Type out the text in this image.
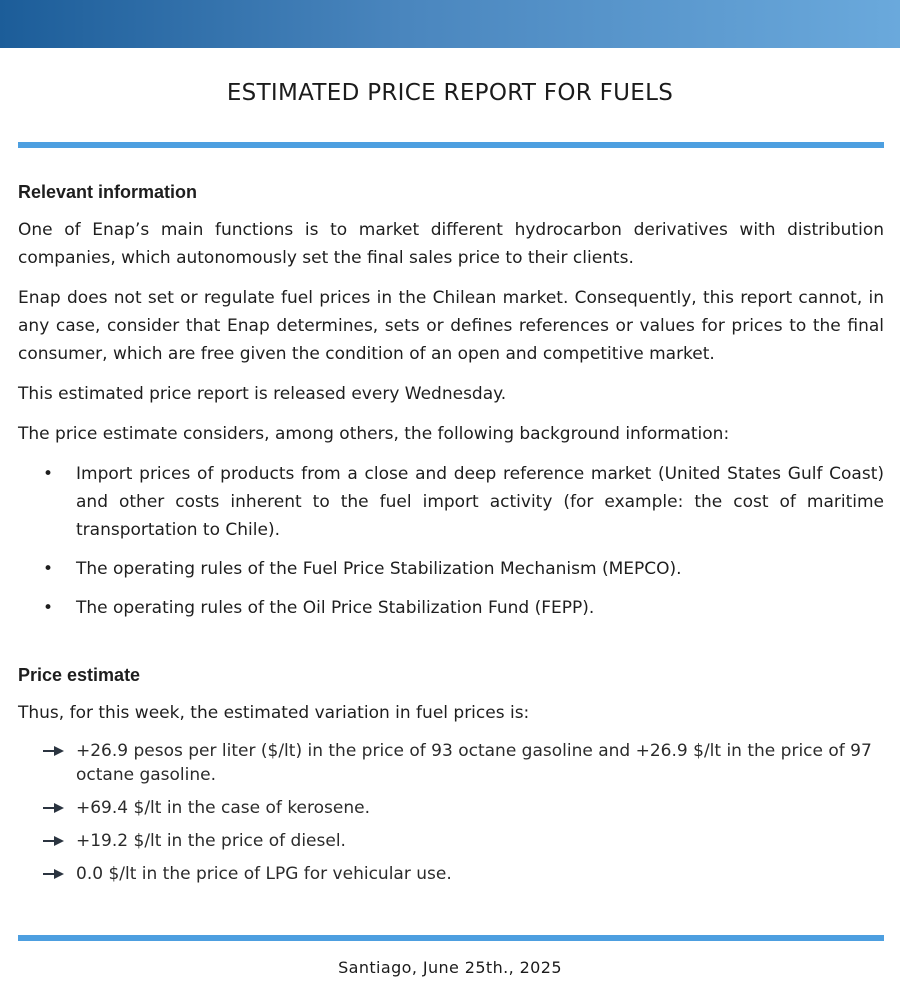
ESTIMATED PRICE REPORT FOR FUELS
Relevant information

One of Enap’s main functions is to market different hydrocarbon derivatives with distribution companies, which autonomously set the final sales price to their clients.

Enap does not set or regulate fuel prices in the Chilean market. Consequently, this report cannot, in any case, consider that Enap determines, sets or defines references or values for prices to the final consumer, which are free given the condition of an open and competitive market.

This estimated price report is released every Wednesday.

The price estimate considers, among others, the following background information:

• Import prices of products from a close and deep reference market (United States Gulf Coast) and other costs inherent to the fuel import activity (for example: the cost of maritime transportation to Chile).
• The operating rules of the Fuel Price Stabilization Mechanism (MEPCO).
• The operating rules of the Oil Price Stabilization Fund (FEPP).
Price estimate

Thus, for this week, the estimated variation in fuel prices is:

+26.9 pesos per liter ($/lt) in the price of 93 octane gasoline and +26.9 $/lt in the price of 97 octane gasoline.
+69.4 $/lt in the case of kerosene.
+19.2 $/lt in the price of diesel.
0.0 $/lt in the price of LPG for vehicular use.
Santiago, June 25th., 2025
